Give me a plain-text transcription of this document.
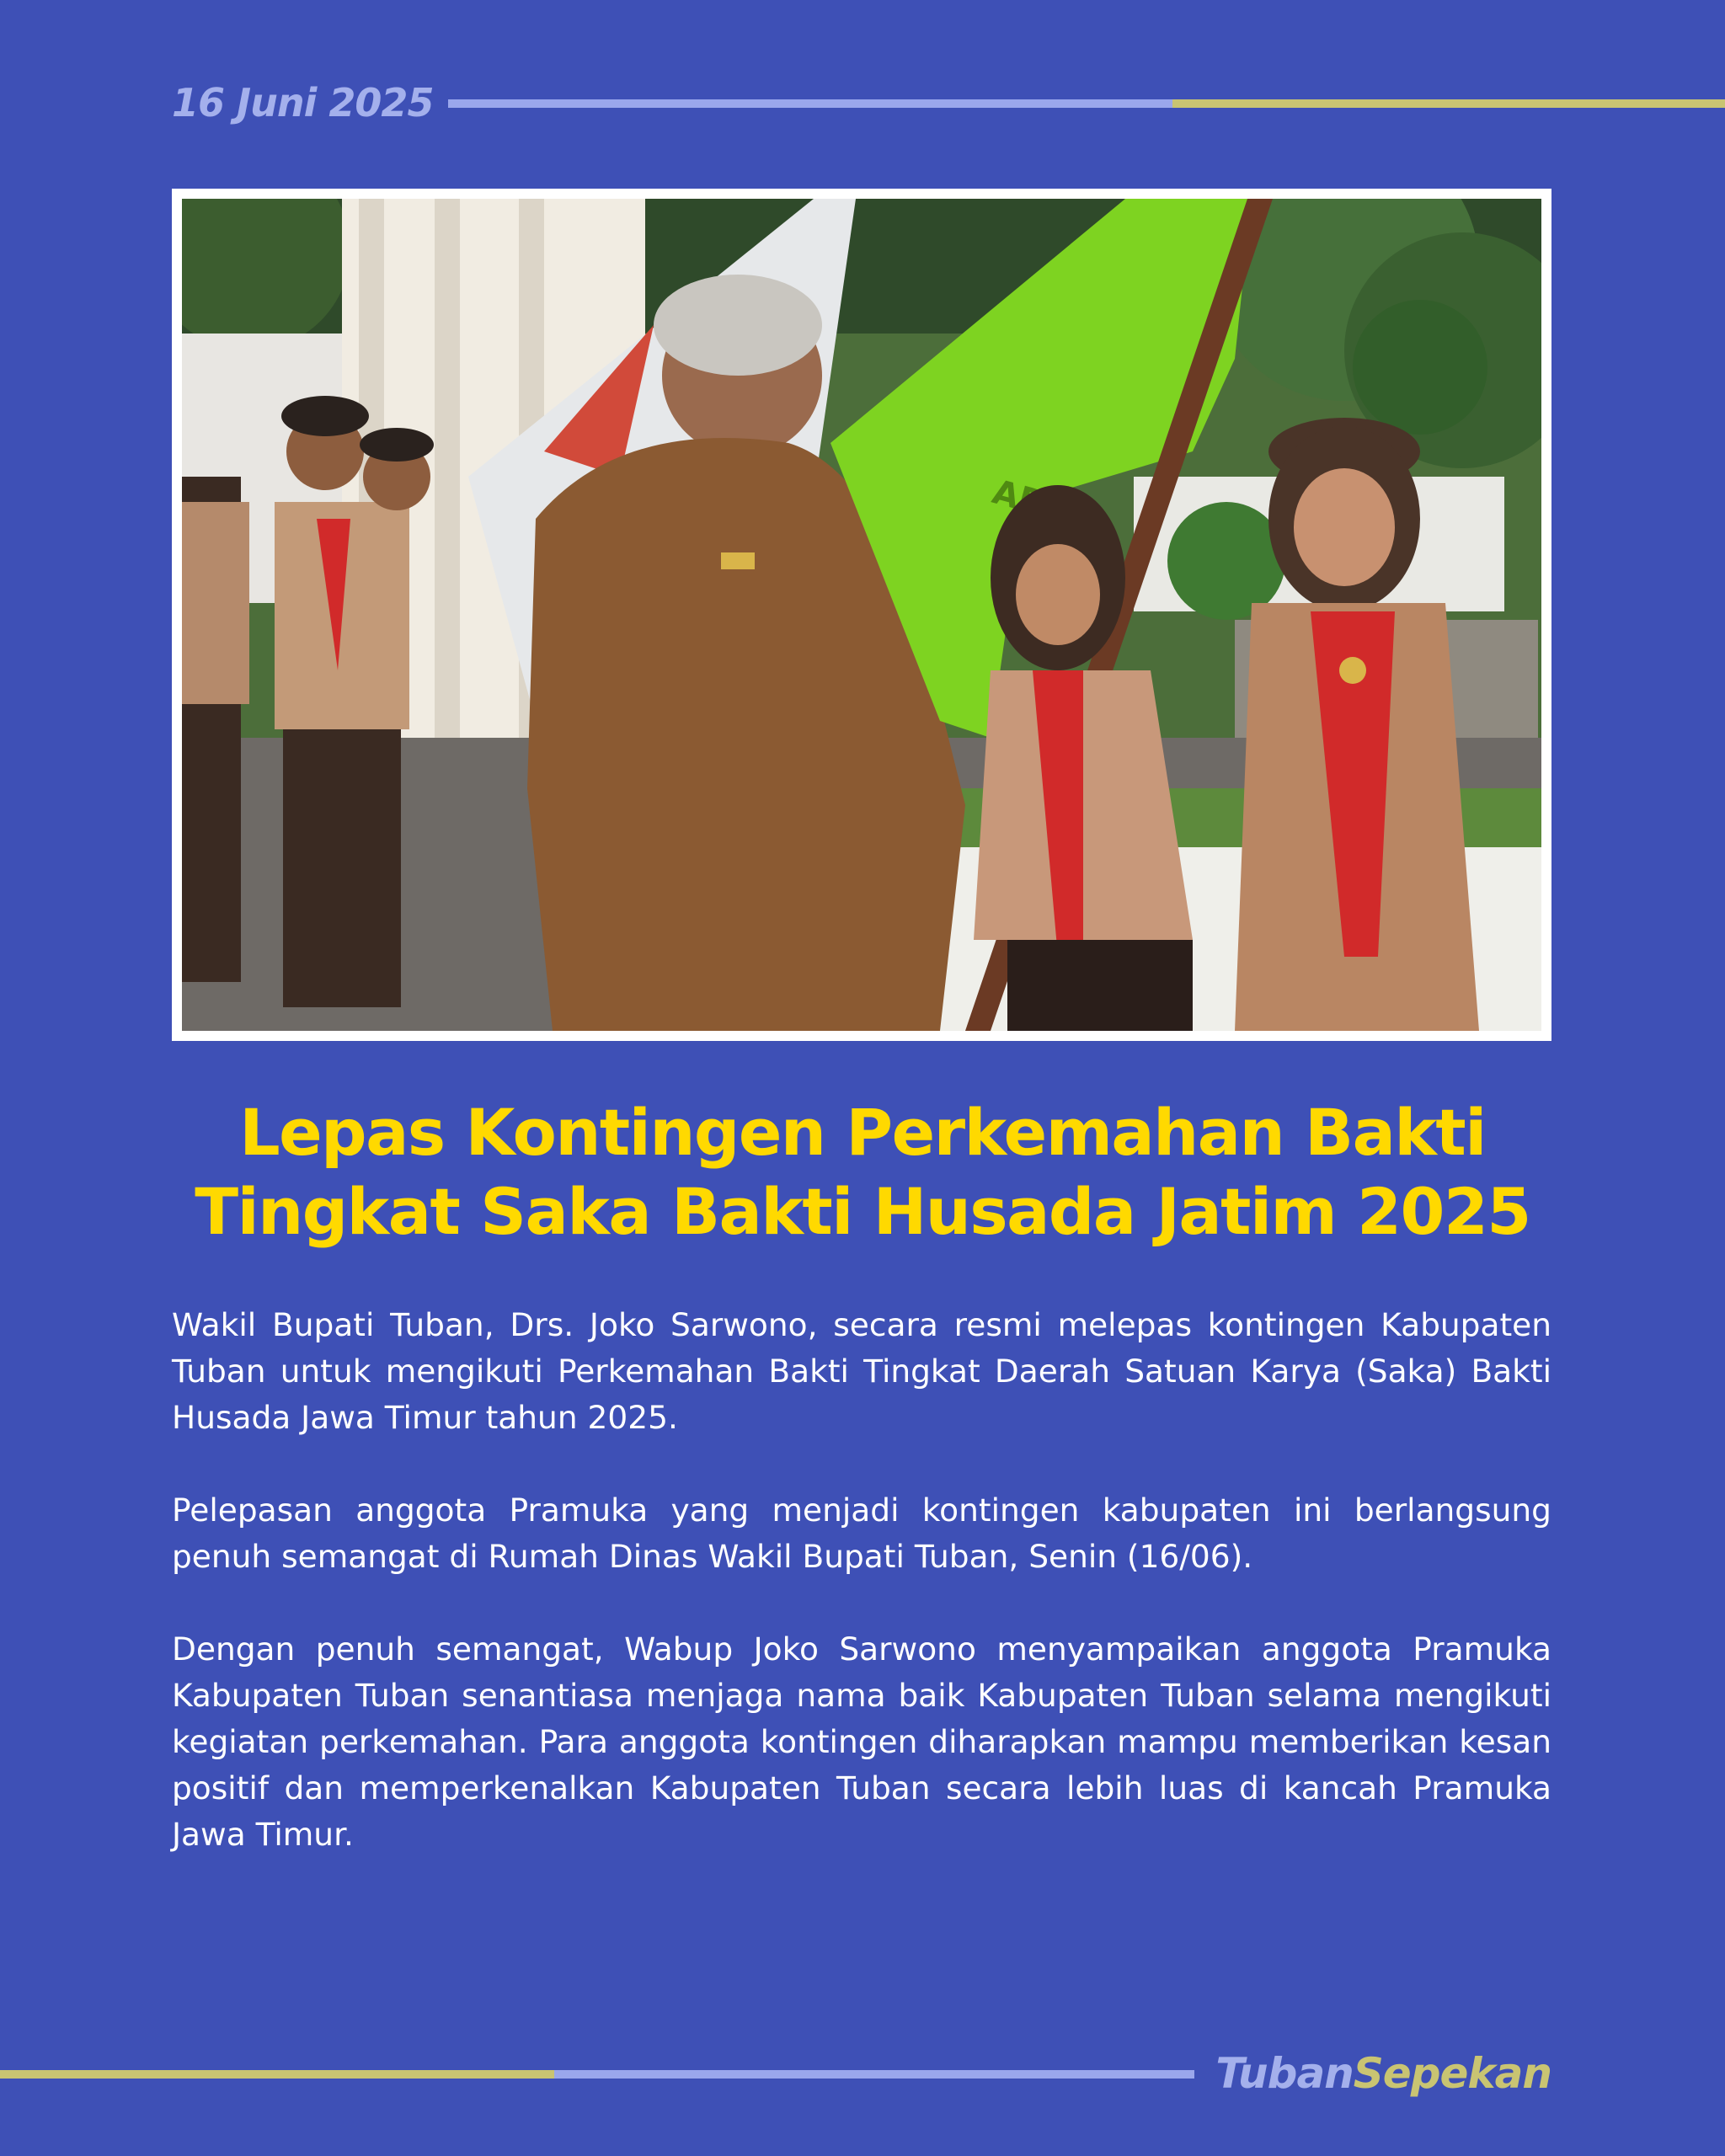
16 Juni 2025
Lepas Kontingen Perkemahan Bakti
Tingkat Saka Bakti Husada Jatim 2025

Wakil Bupati Tuban, Drs. Joko Sarwono, secara resmi melepas kontingen Kabupaten Tuban untuk mengikuti Perkemahan Bakti Tingkat Daerah Satuan Karya (Saka) Bakti Husada Jawa Timur tahun 2025.

Pelepasan anggota Pramuka yang menjadi kontingen kabupaten ini berlangsung penuh semangat di Rumah Dinas Wakil Bupati Tuban, Senin (16/06).

Dengan penuh semangat, Wabup Joko Sarwono menyampaikan anggota Pramuka Kabupaten Tuban senantiasa menjaga nama baik Kabupaten Tuban selama mengikuti kegiatan perkemahan. Para anggota kontingen diharapkan mampu memberikan kesan positif dan memperkenalkan Kabupaten Tuban secara lebih luas di kancah Pramuka Jawa Timur.

TubanSepekan
